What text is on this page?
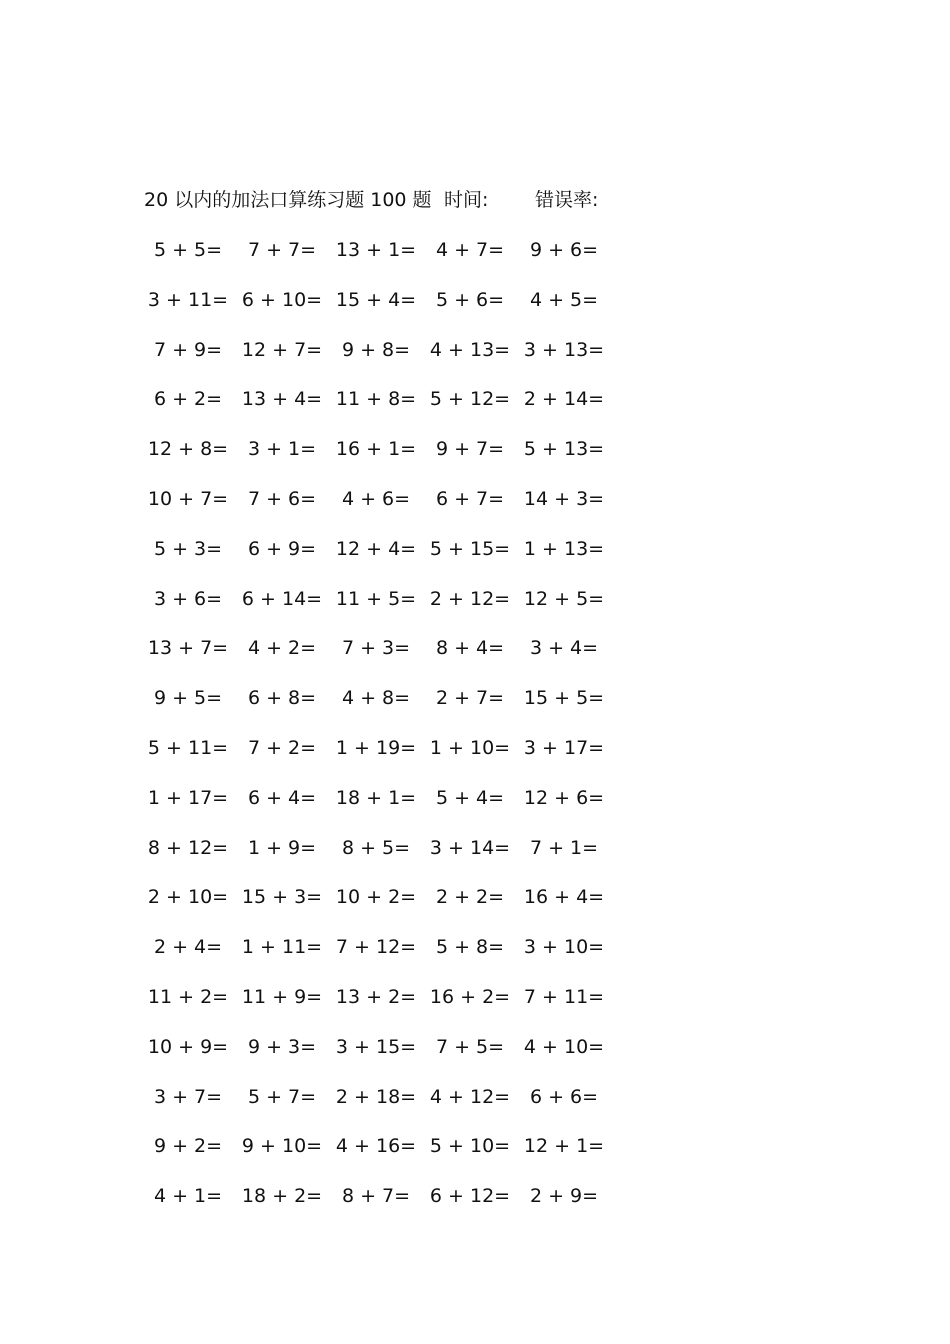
20 以内的加法口算练习题 100 题 时间: 错误率:
5 + 5=	7 + 7=	13 + 1=	4 + 7=	9 + 6=
3 + 11= 6 + 10= 15 + 4=	5 + 6=	4 + 5=
7 + 9=	12 + 7=	9 + 8=	4 + 13= 3 + 13=
6 + 2=	13 + 4= 11 + 8= 5 + 12= 2 + 14=
12 + 8=	3 + 1=	16 + 1=	9 + 7=	5 + 13=
10 + 7=	7 + 6=	4 + 6=	6 + 7=	14 + 3=
5 + 3=	6 + 9=	12 + 4= 5 + 15= 1 + 13=
3 + 6=	6 + 14= 11 + 5= 2 + 12= 12 + 5=
13 + 7=	4 + 2=	7 + 3=	8 + 4=	3 + 4=
9 + 5=	6 + 8=	4 + 8=	2 + 7=	15 + 5=
5 + 11=	7 + 2=	1 + 19= 1 + 10= 3 + 17=
1 + 17=	6 + 4=	18 + 1=	5 + 4=	12 + 6=
8 + 12=	1 + 9=	8 + 5=	3 + 14=	7 + 1=
2 + 10= 15 + 3= 10 + 2=	2 + 2=	16 + 4=
2 + 4=	1 + 11= 7 + 12=	5 + 8=	3 + 10=
11 + 2= 11 + 9= 13 + 2= 16 + 2= 7 + 11=
10 + 9=	9 + 3=	3 + 15=	7 + 5=	4 + 10=
3 + 7=	5 + 7=	2 + 18= 4 + 12=	6 + 6=
9 + 2=	9 + 10= 4 + 16= 5 + 10= 12 + 1=
4 + 1=	18 + 2=	8 + 7=	6 + 12=	2 + 9=
